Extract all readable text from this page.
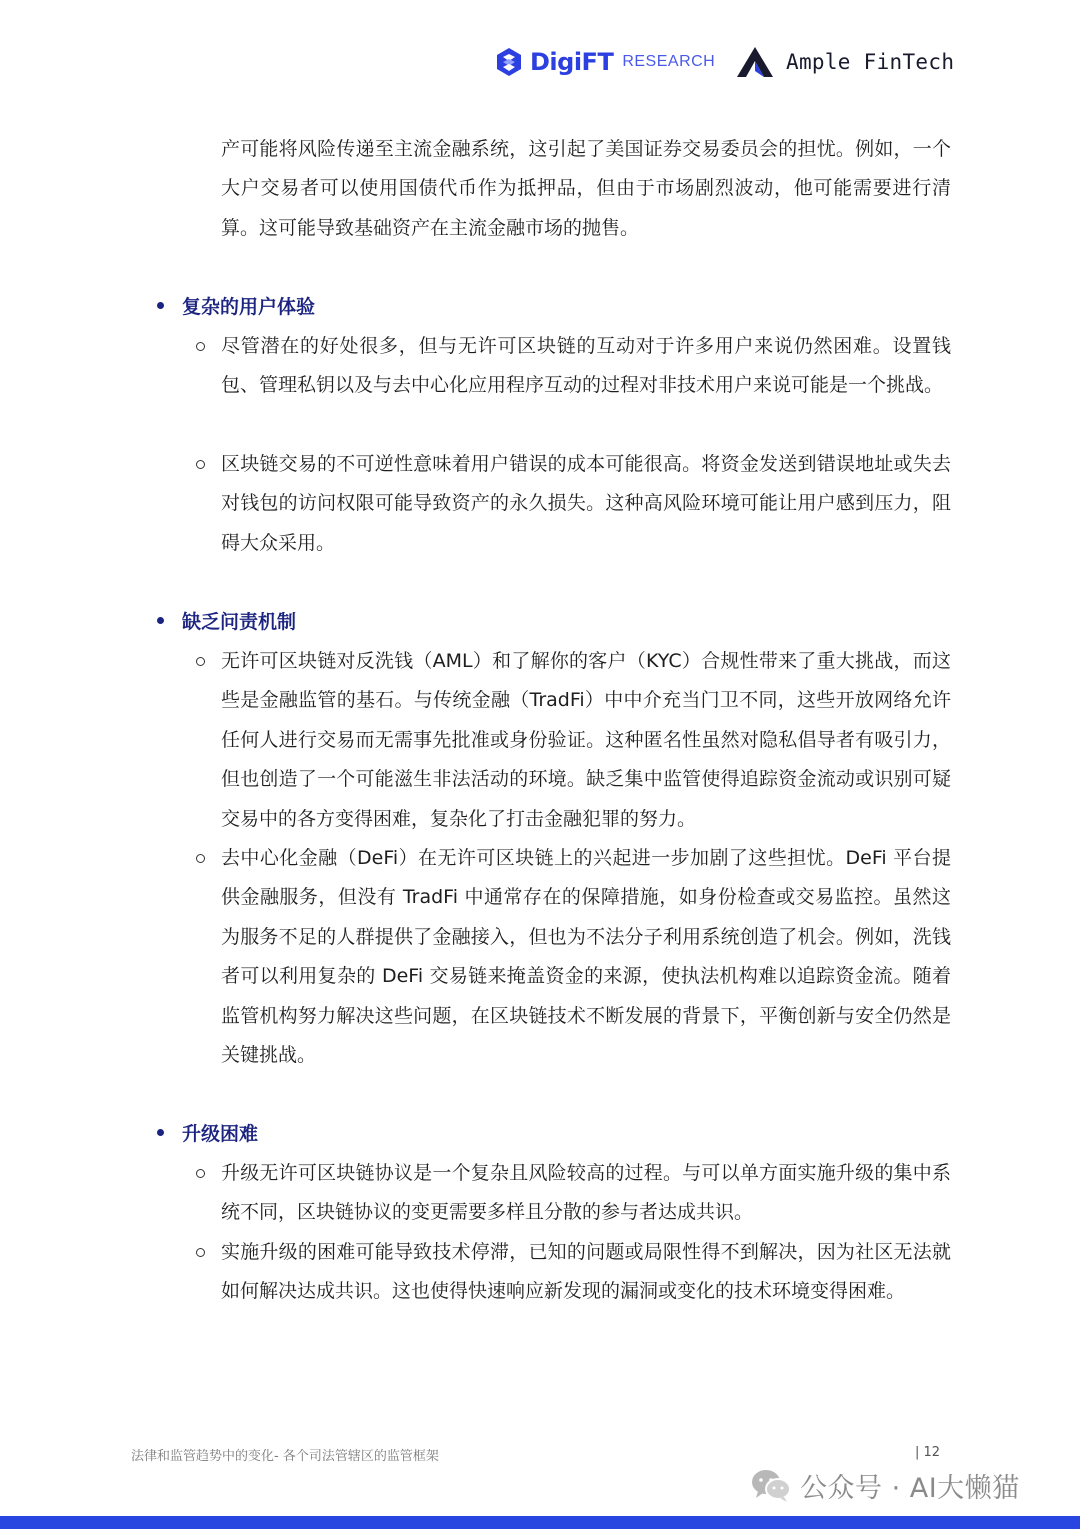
DigiFT RESEARCH	Ample FinTech
产可能将风险传递至主流金融系统，这引起了美国证券交易委员会的担忧。例如，一个大户交易者可以使用国债代币作为抵押品，但由于市场剧烈波动，他可能需要进行清算。这可能导致基础资产在主流金融市场的抛售。
复杂的用户体验
尽管潜在的好处很多，但与无许可区块链的互动对于许多用户来说仍然困难。设置钱包、管理私钥以及与去中心化应用程序互动的过程对非技术用户来说可能是一个挑战。
区块链交易的不可逆性意味着用户错误的成本可能很高。将资金发送到错误地址或失去对钱包的访问权限可能导致资产的永久损失。这种高风险环境可能让用户感到压力，阻碍大众采用。
缺乏问责机制
无许可区块链对反洗钱（AML）和了解你的客户（KYC）合规性带来了重大挑战，而这些是金融监管的基石。与传统金融（TradFi）中中介充当门卫不同，这些开放网络允许任何人进行交易而无需事先批准或身份验证。这种匿名性虽然对隐私倡导者有吸引力，但也创造了一个可能滋生非法活动的环境。缺乏集中监管使得追踪资金流动或识别可疑交易中的各方变得困难，复杂化了打击金融犯罪的努力。
去中心化金融（DeFi）在无许可区块链上的兴起进一步加剧了这些担忧。DeFi 平台提供金融服务，但没有 TradFi 中通常存在的保障措施，如身份检查或交易监控。虽然这为服务不足的人群提供了金融接入，但也为不法分子利用系统创造了机会。例如，洗钱者可以利用复杂的 DeFi 交易链来掩盖资金的来源，使执法机构难以追踪资金流。随着监管机构努力解决这些问题，在区块链技术不断发展的背景下，平衡创新与安全仍然是关键挑战。
升级困难
升级无许可区块链协议是一个复杂且风险较高的过程。与可以单方面实施升级的集中系统不同，区块链协议的变更需要多样且分散的参与者达成共识。
实施升级的困难可能导致技术停滞，已知的问题或局限性得不到解决，因为社区无法就如何解决达成共识。这也使得快速响应新发现的漏洞或变化的技术环境变得困难。
法律和监管趋势中的变化- 各个司法管辖区的监管框架	| 12
公众号 · AI大懒猫
